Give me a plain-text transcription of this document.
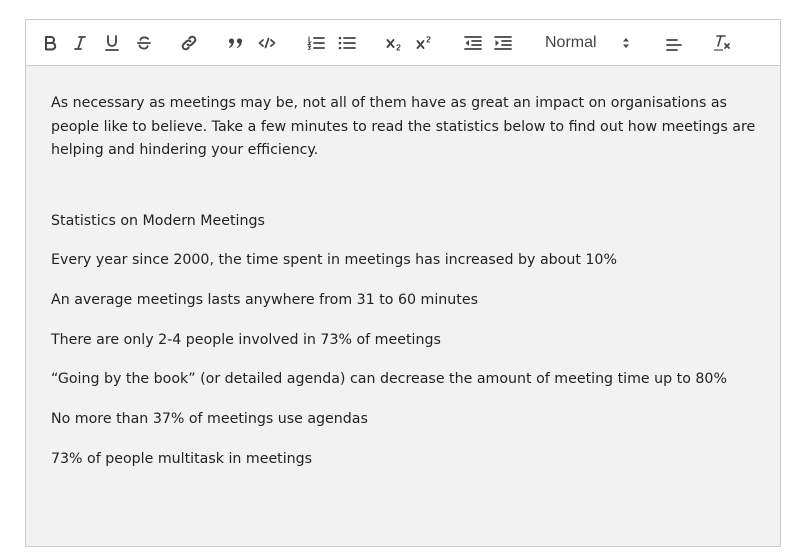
Normal

As necessary as meetings may be, not all of them have as great an impact on organisations as people like to believe. Take a few minutes to read the statistics below to find out how meetings are helping and hindering your efficiency.

Statistics on Modern Meetings

Every year since 2000, the time spent in meetings has increased by about 10%

An average meetings lasts anywhere from 31 to 60 minutes

There are only 2-4 people involved in 73% of meetings

“Going by the book” (or detailed agenda) can decrease the amount of meeting time up to 80%

No more than 37% of meetings use agendas

73% of people multitask in meetings
